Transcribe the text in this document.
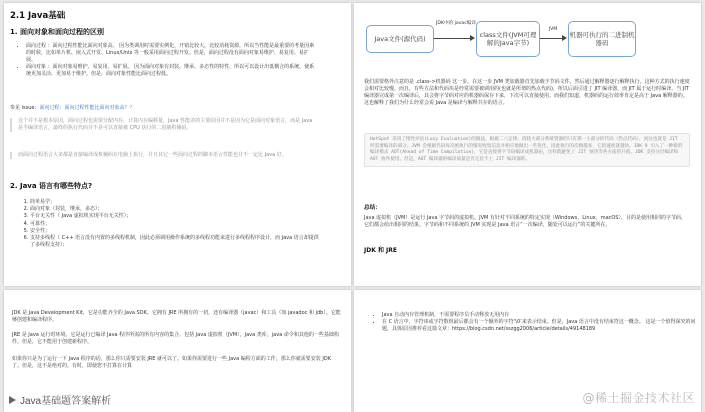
2.1 Java基础
1. 面向对象和面向过程的区别
• 面向过程 ：面向过程性能比面向对象高。 因为类调用时需要实例化，开销比较大，比较消耗资源，所以当性能是最重要的考量因素的时候，比如单片机、嵌入式开发、Linux/Unix 等一般采用面向过程开发。但是，面向过程没有面向对象易维护、易复用、易扩展。
• 面向对象 ：面向对象易维护、易复用、易扩展。 因为面向对象有封装、继承、多态性的特性，所以可以设计出低耦合的系统，使系统更加灵活、更加易于维护。但是，面向对象性能比面向过程低。
参见 issue：面向过程：面向过程性能比面向对象高？？
这个并不是根本原因，面向过程也需要分配内存，计算内存偏移量，Java 性能差的主要原因并不是因为它是面向对象语言，而是 Java 是半编译语言，最终的执行代码并不是可以直接被 CPU 执行的二进制机械码。
而面向过程语言大多都是直接编译成机械码在电脑上执行，并且其它一些面向过程的脚本语言性能也并不一定比 Java 好。
2. Java 语言有哪些特点?
1. 简单易学；
2. 面向对象（封装，继承，多态）；
3. 平台无关性（ Java 虚拟机实现平台无关性）；
4. 可靠性；
5. 安全性；
6. 支持多线程（ C++ 语言没有内置的多线程机制，因此必须调用操作系统的多线程功能来进行多线程程序设计，而 Java 语言却提供了多线程支持）；
Java文件(源代码)
JDK中的 javac编译
class文件(JVM可理解的Java字节)
JVM
机器可执行的二进制机器码
我们需要格外注意的是 .class->机器码 这一步。在这一步 JVM 类加载器首先加载字节码文件，然后通过解释器逐行解释执行，这种方式的执行速度会相对比较慢。而且，有些方法和代码块是经常需要被调用的(也就是所谓的热点代码)，所以后面引进了 JIT 编译器，而 JIT 属于运行时编译。当 JIT 编译器完成第一次编译后，其会将字节码对应的机器码保存下来，下次可以直接使用。而我们知道，机器码的运行效率肯定是高于 Java 解释器的。这也解释了我们为什么经常会说 Java 是编译与解释共存的语言。
HotSpot 采用了惰性评估(Lazy Evaluation)的做法，根据二八定律，消耗大部分系统资源的只有那一小部分的代码（热点代码），而这也就是 JIT 所需要编译的部分。JVM 会根据代码每次被执行的情况收集信息并相应地做出一些优化，因此执行的次数越多，它的速度就越快。JDK 9 引入了一种新的编译模式 AOT(Ahead of Time Compilation)，它是直接将字节码编译成机器码，这样就避免了 JIT 预热等各方面的开销。JDK 支持分层编译和 AOT 协作使用。但是，AOT 编译器的编译质量是肯定比不上 JIT 编译器的。
总结：
Java 虚拟机（JVM）是运行 Java 字节码的虚拟机。JVM 有针对不同系统的特定实现（Windows，Linux，macOS），目的是使用相同的字节码，它们都会给出相同的结果。字节码和不同系统的 JVM 实现是 Java 语言“一次编译，随处可以运行”的关键所在。
JDK 和 JRE
JDK 是 Java Development Kit，它是功能齐全的 Java SDK。它拥有 JRE 所拥有的一切，还有编译器（javac）和工具（如 javadoc 和 jdb）。它能够创建和编译程序。
JRE 是 Java 运行时环境。它是运行已编译 Java 程序所需的所有内容的集合，包括 Java 虚拟机（JVM），Java 类库，java 命令和其他的一些基础构件。但是，它不能用于创建新程序。
如果你只是为了运行一下 Java 程序的话，那么你只需要安装 JRE 就可以了。如果你需要进行一些 Java 编程方面的工作，那么你就需要安装 JDK 了。但是，这不是绝对的。有时，即使您不打算在计算
• Java 自动内存管理机制，不需要程序员手动释放无用内存
• 在 C 语言中，字符串或字符数组最后都会有一个额外的字符‘\0’来表示结束。但是，Java 语言中没有结束符这一概念。 这是一个值得深究的问题，具体原因推荐看这篇文章：https://blog.csdn.net/sszgg2006/article/details/49148189
Java基础题答案解析	@稀土掘金技术社区
